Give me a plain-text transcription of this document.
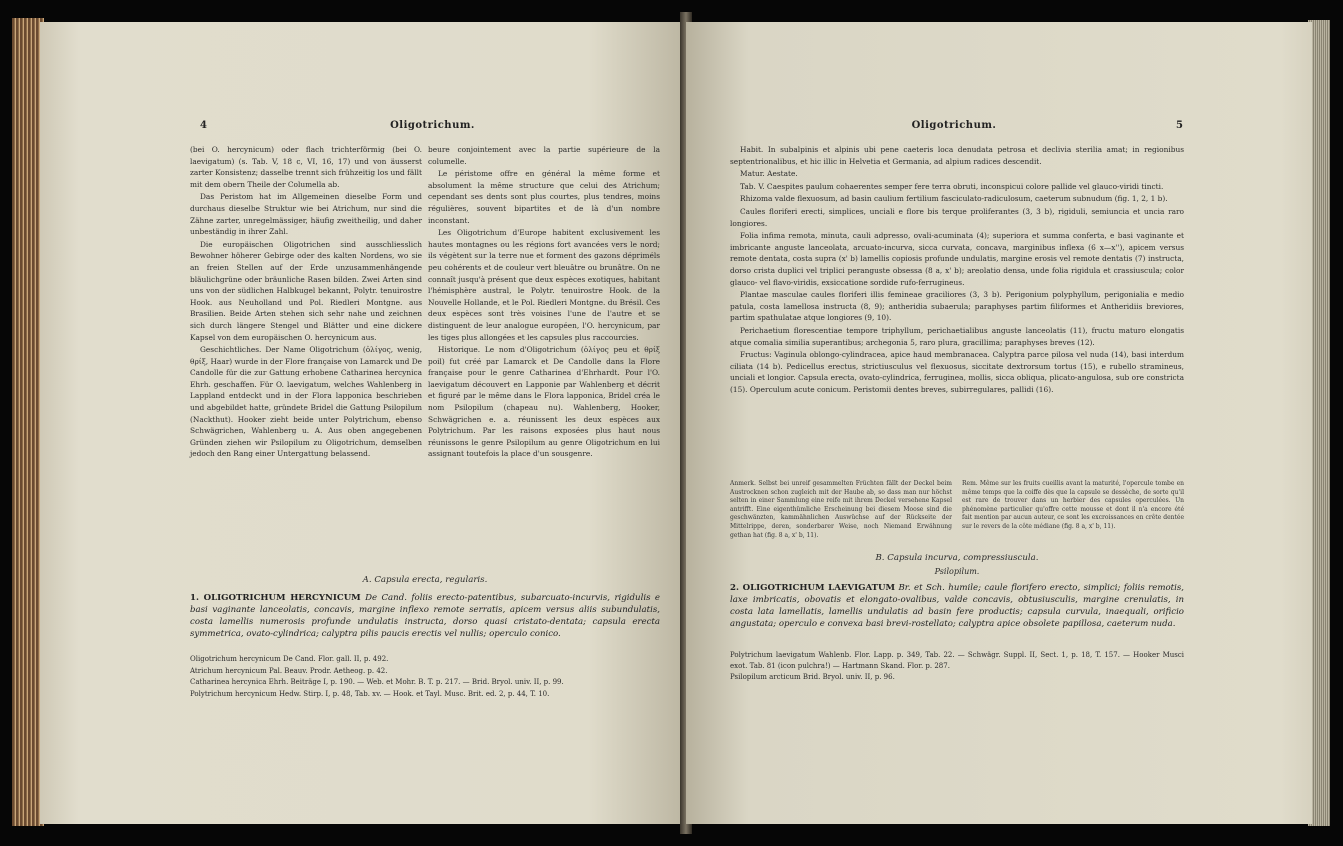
4	Oligotrichum.

(bei O. hercynicum) oder flach trichterförmig (bei O. laevigatum) (s. Tab. V, 18 c, VI, 16, 17) und von äusserst zarter Konsistenz; dasselbe trennt sich frühzeitig los und fällt mit dem obern Theile der Columella ab.

Das Peristom hat im Allgemeinen dieselbe Form und durchaus dieselbe Struktur wie bei Atrichum, nur sind die Zähne zarter, unregelmässiger, häufig zweitheilig, und daher unbeständig in ihrer Zahl.

Die europäischen Oligotrichen sind ausschliesslich Bewohner höherer Gebirge oder des kalten Nordens, wo sie an freien Stellen auf der Erde unzusammenhängende bläulichgrüne oder bräunliche Rasen bilden. Zwei Arten sind uns von der südlichen Halbkugel bekannt, Polytr. tenuirostre Hook. aus Neuholland und Pol. Riedleri Montgne. aus Brasilien. Beide Arten stehen sich sehr nahe und zeichnen sich durch längere Stengel und Blätter und eine dickere Kapsel von dem europäischen O. hercynicum aus.

Geschichtliches. Der Name Oligotrichum (ὀλίγος, wenig, θρίξ, Haar) wurde in der Flore française von Lamarck und De Candolle für die zur Gattung erhobene Catharinea hercynica Ehrh. geschaffen. Für O. laevigatum, welches Wahlenberg in Lappland entdeckt und in der Flora lapponica beschrieben und abgebildet hatte, gründete Bridel die Gattung Psilopilum (Nackthut). Hooker zieht beide unter Polytrichum, ebenso Schwägrichen, Wahlenberg u. A. Aus oben angegebenen Gründen ziehen wir Psilopilum zu Oligotrichum, demselben jedoch den Rang einer Untergattung belassend.

beure conjointement avec la partie supérieure de la columelle.

Le péristome offre en général la même forme et absolument la même structure que celui des Atrichum; cependant ses dents sont plus courtes, plus tendres, moins régulières, souvent bipartites et de là d'un nombre inconstant.

Les Oligotrichum d'Europe habitent exclusivement les hautes montagnes ou les régions fort avancées vers le nord; ils végètent sur la terre nue et forment des gazons dépriméls peu cohérents et de couleur vert bleuâtre ou brunâtre. On ne connaît jusqu'à présent que deux espèces exotiques, habitant l'hémisphère austral, le Polytr. tenuirostre Hook. de la Nouvelle Hollande, et le Pol. Riedleri Montgne. du Brésil. Ces deux espèces sont très voisines l'une de l'autre et se distinguent de leur analogue européen, l'O. hercynicum, par les tiges plus allongées et les capsules plus raccourcies.

Historique. Le nom d'Oligotrichum (ὀλίγος peu et θρίξ poil) fut créé par Lamarck et De Candolle dans la Flore française pour le genre Catharinea d'Ehrhardt. Pour l'O. laevigatum découvert en Lapponie par Wahlenberg et décrit et figuré par le même dans le Flora lapponica, Bridel créa le nom Psilopilum (chapeau nu). Wahlenberg, Hooker, Schwägrichen e. a. réunissent les deux espèces aux Polytrichum. Par les raisons exposées plus haut nous réunissons le genre Psilopilum au genre Oligotrichum en lui assignant toutefois la place d'un sousgenre.

A. Capsula erecta, regularis.
1. OLIGOTRICHUM HERCYNICUM De Cand. foliis erecto-patentibus, subarcuato-incurvis, rigidulis e basi vaginante lanceolatis, concavis, margine inflexo remote serratis, apicem versus aliis subundulatis, costa lamellis numerosis profunde undulatis instructa, dorso quasi cristato-dentata; capsula erecta symmetrica, ovato-cylindrica; calyptra pilis paucis erectis vel nullis; operculo conico.

Oligotrichum hercynicum De Cand. Flor. gall. II, p. 492.

Atrichum hercynicum Pal. Beauv. Prodr. Aetheog. p. 42.

Catharinea hercynica Ehrh. Beiträge I, p. 190. — Web. et Mohr. B. T. p. 217. — Brid. Bryol. univ. II, p. 99.

Polytrichum hercynicum Hedw. Stirp. I, p. 48, Tab. xv. — Hook. et Tayl. Musc. Brit. ed. 2, p. 44, T. 10.

Oligotrichum.	5

Habit. In subalpinis et alpinis ubi pene caeteris loca denudata petrosa et declivia sterilia amat; in regionibus septentrionalibus, et hic illic in Helvetia et Germania, ad alpium radices descendit.

Matur. Aestate.

Tab. V. Caespites paulum cohaerentes semper fere terra obruti, inconspicui colore pallide vel glauco-viridi tincti.

Rhizoma valde flexuosum, ad basin caulium fertilium fasciculato-radiculosum, caeterum subnudum (fig. 1, 2, 1 b).

Caules floriferi erecti, simplices, unciali e flore bis terque proliferantes (3, 3 b), rigiduli, semiuncia et uncia raro longiores.

Folia infima remota, minuta, cauli adpresso, ovali-acuminata (4); superiora et summa conferta, e basi vaginante et imbricante anguste lanceolata, arcuato-incurva, sicca curvata, concava, marginibus inflexa (6 x—x''), apicem versus remote dentata, costa supra (x' b) lamellis copiosis profunde undulatis, margine erosis vel remote dentatis (7) instructa, dorso crista duplici vel triplici peranguste obsessa (8 a, x' b); areolatio densa, unde folia rigidula et crassiuscula; color glauco- vel flavo-viridis, exsiccatione sordide rufo-ferrugineus.

Plantae masculae caules floriferi illis femineae graciliores (3, 3 b). Perigonium polyphyllum, perigonialia e medio patula, costa lamellosa instructa (8, 9); antheridia subaerula; paraphyses partim filiformes et Antheridiis breviores, partim spathulatae atque longiores (9, 10).

Perichaetium florescentiae tempore triphyllum, perichaetialibus anguste lanceolatis (11), fructu maturo elongatis atque comalia similia superantibus; archegonia 5, raro plura, gracillima; paraphyses breves (12).

Fructus: Vaginula oblongo-cylindracea, apice haud membranacea. Calyptra parce pilosa vel nuda (14), basi interdum ciliata (14 b). Pedicellus erectus, strictiusculus vel flexuosus, siccitate dextrorsum tortus (15), e rubello stramineus, unciali et longior. Capsula erecta, ovato-cylindrica, ferruginea, mollis, sicca obliqua, plicato-angulosa, sub ore constricta (15). Operculum acute conicum. Peristomii dentes breves, subirregulares, pallidi (16).

Anmerk. Selbst bei unreif gesammelten Früchten fällt der Deckel beim Austrocknen schon zugleich mit der Haube ab, so dass man nur höchst selten in einer Sammlung eine reife mit ihrem Deckel versehene Kapsel antrifft. Eine eigenthümliche Erscheinung bei diesem Moose sind die geschwänzten, kammähnlichen Auswüchse auf der Rückseite der Mittelrippe, deren, sonderbarer Weise, noch Niemand Erwähnung gethan hat (fig. 8 a, x' b, 11).
Rem. Même sur les fruits cueillis avant la maturité, l'opercule tombe en même temps que la coiffe dès que la capsule se dessèche, de sorte qu'il est rare de trouver dans un herbier des capsules operculées. Un phénomène particulier qu'offre cette mousse et dont il n'a encore été fait mention par aucun auteur, ce sont les excroissances en crête dentée sur le revers de la côte médiane (fig. 8 a, x' b, 11).
B. Capsula incurva, compressiuscula.
Psilopilum.
2. OLIGOTRICHUM LAEVIGATUM Br. et Sch. humile; caule florifero erecto, simplici; foliis remotis, laxe imbricatis, obovatis et elongato-ovalibus, valde concavis, obtusiusculis, margine crenulatis, in costa lata lamellatis, lamellis undulatis ad basin fere productis; capsula curvula, inaequali, orificio angustata; operculo e convexa basi brevi-rostellato; calyptra apice obsolete papillosa, caeterum nuda.

Polytrichum laevigatum Wahlenb. Flor. Lapp. p. 349, Tab. 22. — Schwägr. Suppl. II, Sect. 1, p. 18, T. 157. — Hooker Musci exot. Tab. 81 (icon pulchra!) — Hartmann Skand. Flor. p. 287.

Psilopilum arcticum Brid. Bryol. univ. II, p. 96.
